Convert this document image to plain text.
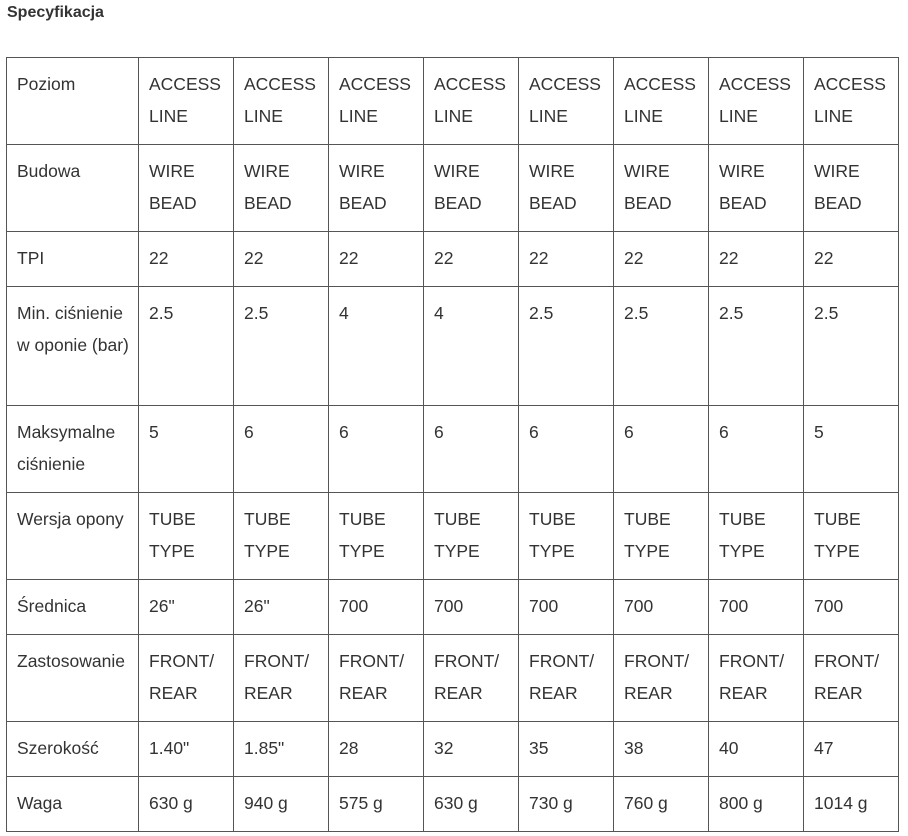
Specyfikacja
Poziom	ACCESS LINE	ACCESS LINE	ACCESS LINE	ACCESS LINE	ACCESS LINE	ACCESS LINE	ACCESS LINE	ACCESS LINE

Budowa	WIRE BEAD	WIRE BEAD	WIRE BEAD	WIRE BEAD	WIRE BEAD	WIRE BEAD	WIRE BEAD	WIRE BEAD

TPI	22	22	22	22	22	22	22	22

Min. ciśnienie w oponie (bar)	2.5	2.5	4	4	2.5	2.5	2.5	2.5

Maksymalne ciśnienie	5	6	6	6	6	6	6	5

Wersja opony	TUBE TYPE	TUBE TYPE	TUBE TYPE	TUBE TYPE	TUBE TYPE	TUBE TYPE	TUBE TYPE	TUBE TYPE

Średnica	26"	26"	700	700	700	700	700	700

Zastosowanie	FRONT/ REAR	FRONT/ REAR	FRONT/ REAR	FRONT/ REAR	FRONT/ REAR	FRONT/ REAR	FRONT/ REAR	FRONT/ REAR

Szerokość	1.40"	1.85"	28	32	35	38	40	47

Waga	630 g	940 g	575 g	630 g	730 g	760 g	800 g	1014 g
